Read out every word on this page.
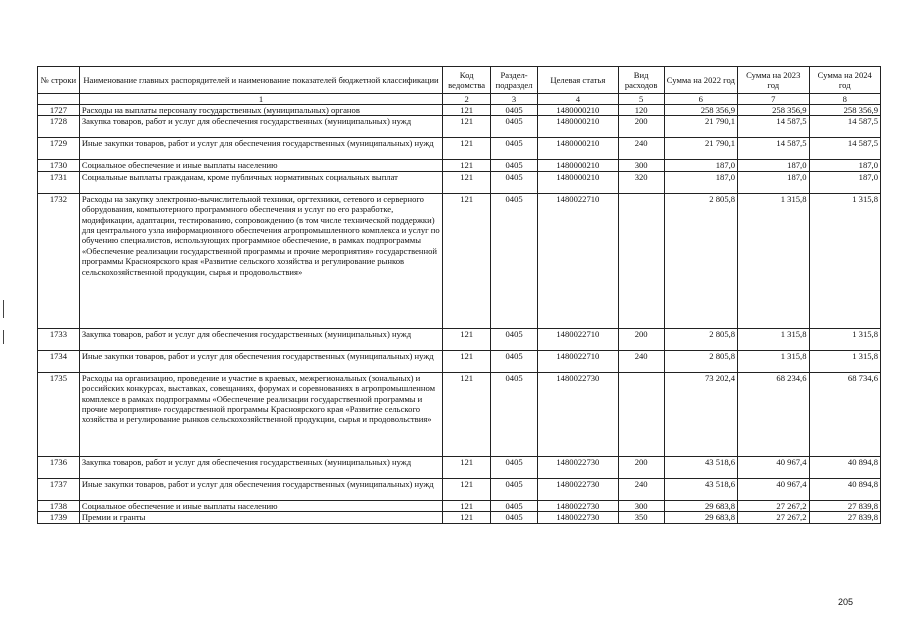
№ строки	Наименование главных распорядителей и наименование показателей бюджетной классификации	Код ведомства	Раздел-подраздел	Целевая статья	Вид расходов	Сумма на 2022 год	Сумма на 2023 год	Сумма на 2024 год
	1	2	3	4	5	6	7	8
1727	Расходы на выплаты персоналу государственных (муниципальных) органов	121	0405	1480000210	120	258 356,9	258 356,9	258 356,9
1728	Закупка товаров, работ и услуг для обеспечения государственных (муниципальных) нужд	121	0405	1480000210	200	21 790,1	14 587,5	14 587,5
1729	Иные закупки товаров, работ и услуг для обеспечения государственных (муниципальных) нужд	121	0405	1480000210	240	21 790,1	14 587,5	14 587,5
1730	Социальное обеспечение и иные выплаты населению	121	0405	1480000210	300	187,0	187,0	187,0
1731	Социальные выплаты гражданам, кроме публичных нормативных социальных выплат	121	0405	1480000210	320	187,0	187,0	187,0
1732	Расходы на закупку электронно-вычислительной техники, оргтехники, сетевого и серверного оборудования, компьютерного программного обеспечения и услуг по его разработке, модификации, адаптации, тестированию, сопровождению (в том числе технической поддержки) для центрального узла информационного обеспечения агропромышленного комплекса и услуг по обучению специалистов, использующих программное обеспечение, в рамках подпрограммы «Обеспечение реализации государственной программы и прочие мероприятия» государственной программы Красноярского края «Развитие сельского хозяйства и регулирование рынков сельскохозяйственной продукции, сырья и продовольствия»	121	0405	1480022710		2 805,8	1 315,8	1 315,8
1733	Закупка товаров, работ и услуг для обеспечения государственных (муниципальных) нужд	121	0405	1480022710	200	2 805,8	1 315,8	1 315,8
1734	Иные закупки товаров, работ и услуг для обеспечения государственных (муниципальных) нужд	121	0405	1480022710	240	2 805,8	1 315,8	1 315,8
1735	Расходы на организацию, проведение и участие в краевых, межрегиональных (зональных) и российских конкурсах, выставках, совещаниях, форумах и соревнованиях в агропромышленном комплексе в рамках подпрограммы «Обеспечение реализации государственной программы и прочие мероприятия» государственной программы Красноярского края «Развитие сельского хозяйства и регулирование рынков сельскохозяйственной продукции, сырья и продовольствия»	121	0405	1480022730		73 202,4	68 234,6	68 734,6
1736	Закупка товаров, работ и услуг для обеспечения государственных (муниципальных) нужд	121	0405	1480022730	200	43 518,6	40 967,4	40 894,8
1737	Иные закупки товаров, работ и услуг для обеспечения государственных (муниципальных) нужд	121	0405	1480022730	240	43 518,6	40 967,4	40 894,8
1738	Социальное обеспечение и иные выплаты населению	121	0405	1480022730	300	29 683,8	27 267,2	27 839,8
1739	Премии и гранты	121	0405	1480022730	350	29 683,8	27 267,2	27 839,8
205
